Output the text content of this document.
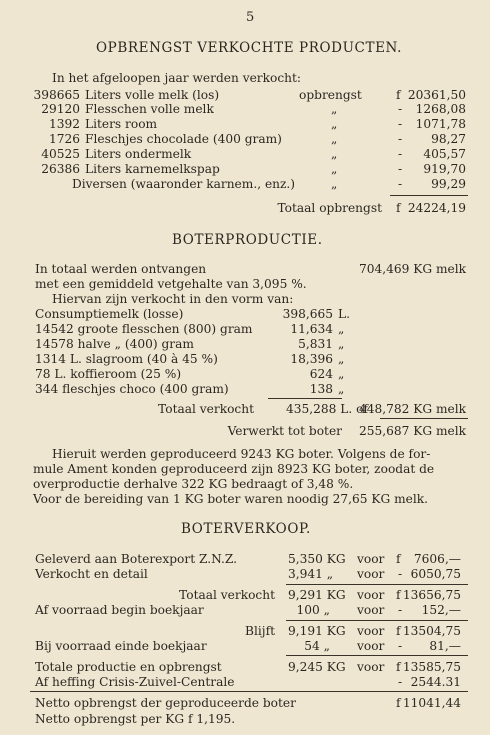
5
OPBRENGST VERKOCHTE PRODUCTEN.
In het afgeloopen jaar werden verkocht:
opbrengst
398665 Liters volle melk (los)	f 20361,50
29120 Flesschen volle melk	„	- 1268,08
1392 Liters room	„	- 1071,78
1726 Fleschjes chocolade (400 gram)	„	- 98,27
40525 Liters ondermelk	„	- 405,57
26386 Liters karnemelkspap	„	- 919,70
Diversen (waaronder karnem., enz.)	„	- 99,29
Totaal opbrengst f 24224,19
BOTERPRODUCTIE.
In totaal werden ontvangen	704,469 KG melk
met een gemiddeld vetgehalte van 3,095 %.
Hiervan zijn verkocht in den vorm van:
Consumptiemelk (losse)	398,665 L.
14542 groote flesschen (800) gram	11,634 „
14578 halve „ (400) gram	5,831 „
1314 L. slagroom (40 à 45 %)	18,396 „
78 L. koffieroom (25 %)	624 „
344 fleschjes choco (400 gram)	138 „
Totaal verkocht	435,288 L. of
448,782 KG melk
Verwerkt tot boter 255,687 KG melk
Hieruit werden geproduceerd 9243 KG boter. Volgens de for-
mule Ament konden geproduceerd zijn 8923 KG boter, zoodat de
overproductie derhalve 322 KG bedraagt of 3,48 %.
Voor de bereiding van 1 KG boter waren noodig 27,65 KG melk.
BOTERVERKOOP.
Geleverd aan Boterexport Z.N.Z.	5,350 KG voor f 7606,—
Verkocht en detail	3,941 „ voor - 6050,75
Totaal verkocht 9,291 KG voor f 13656,75
Af voorraad begin boekjaar	100 „ voor - 152,—
Blijft 9,191 KG voor f 13504,75
Bij voorraad einde boekjaar	54 „ voor - 81,—
Totale productie en opbrengst	9,245 KG voor f 13585,75
Af heffing Crisis-Zuivel-Centrale	- 2544.31
Netto opbrengst der geproduceerde boter	f 11041,44
Netto opbrengst per KG f 1,195.
